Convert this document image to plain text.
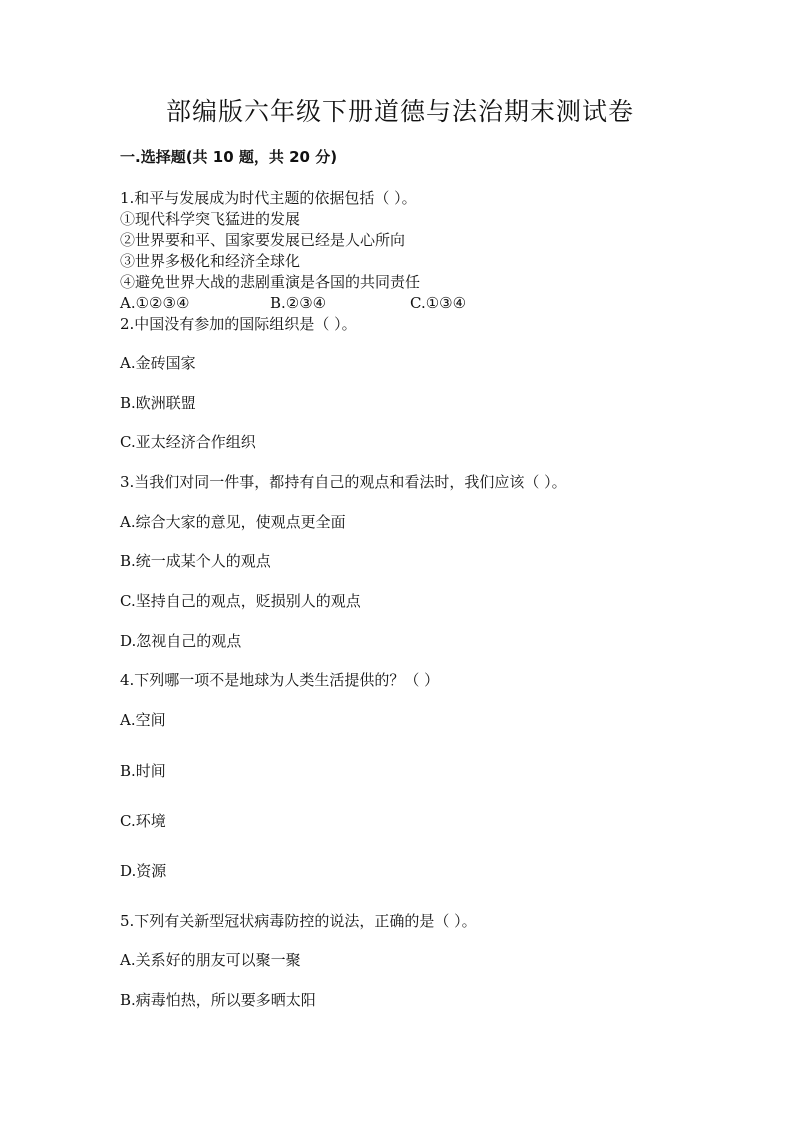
部编版六年级下册道德与法治期末测试卷
一.选择题(共 10 题，共 20 分)
1.和平与发展成为时代主题的依据包括（ ）。
①现代科学突飞猛进的发展
②世界要和平、国家要发展已经是人心所向
③世界多极化和经济全球化
④避免世界大战的悲剧重演是各国的共同责任
A.①②③④	B.②③④	C.①③④
2.中国没有参加的国际组织是（ ）。
A.金砖国家
B.欧洲联盟
C.亚太经济合作组织
3.当我们对同一件事，都持有自己的观点和看法时，我们应该（ ）。
A.综合大家的意见，使观点更全面
B.统一成某个人的观点
C.坚持自己的观点，贬损别人的观点
D.忽视自己的观点
4.下列哪一项不是地球为人类生活提供的？（ ）
A.空间
B.时间
C.环境
D.资源
5.下列有关新型冠状病毒防控的说法，正确的是（ ）。
A.关系好的朋友可以聚一聚
B.病毒怕热，所以要多晒太阳
